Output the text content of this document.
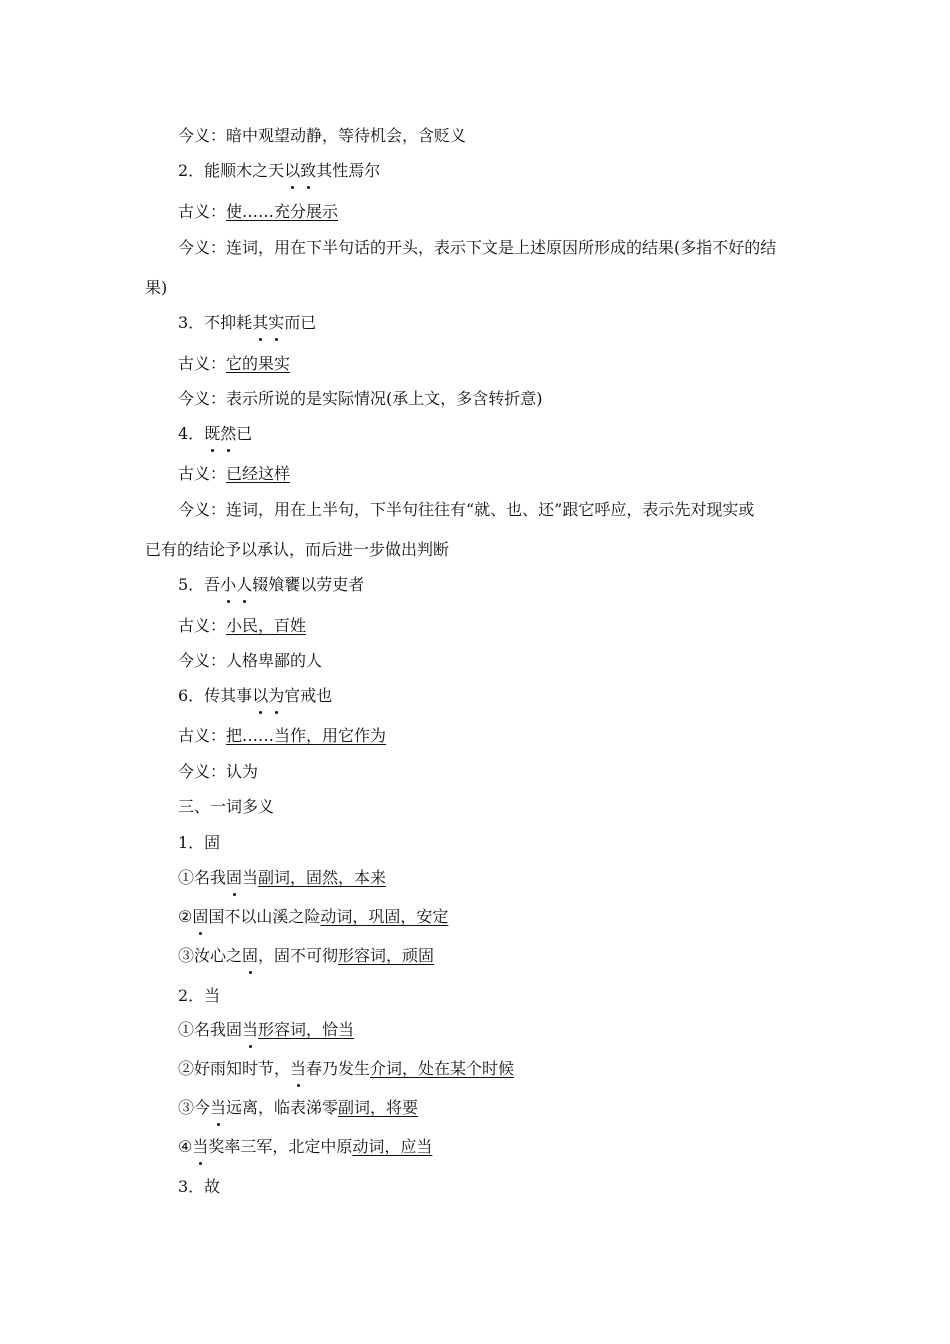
今义：暗中观望动静，等待机会，含贬义
2．能顺木之天以致其性焉尔
古义：使……充分展示
今义：连词，用在下半句话的开头，表示下文是上述原因所形成的结果(多指不好的结
果)
3．不抑耗其实而已
古义：它的果实
今义：表示所说的是实际情况(承上文，多含转折意)
4．既然已
古义：已经这样
今义：连词，用在上半句，下半句往往有“就、也、还”跟它呼应，表示先对现实或
已有的结论予以承认，而后进一步做出判断
5．吾小人辍飧饔以劳吏者
古义：小民，百姓
今义：人格卑鄙的人
6．传其事以为官戒也
古义：把……当作，用它作为
今义：认为
三、一词多义
1．固
①名我固当副词，固然，本来
②固国不以山溪之险动词，巩固，安定
③汝心之固，固不可彻形容词，顽固
2．当
①名我固当形容词，恰当
②好雨知时节，当春乃发生介词，处在某个时候
③今当远离，临表涕零副词，将要
④当奖率三军，北定中原动词，应当
3．故
